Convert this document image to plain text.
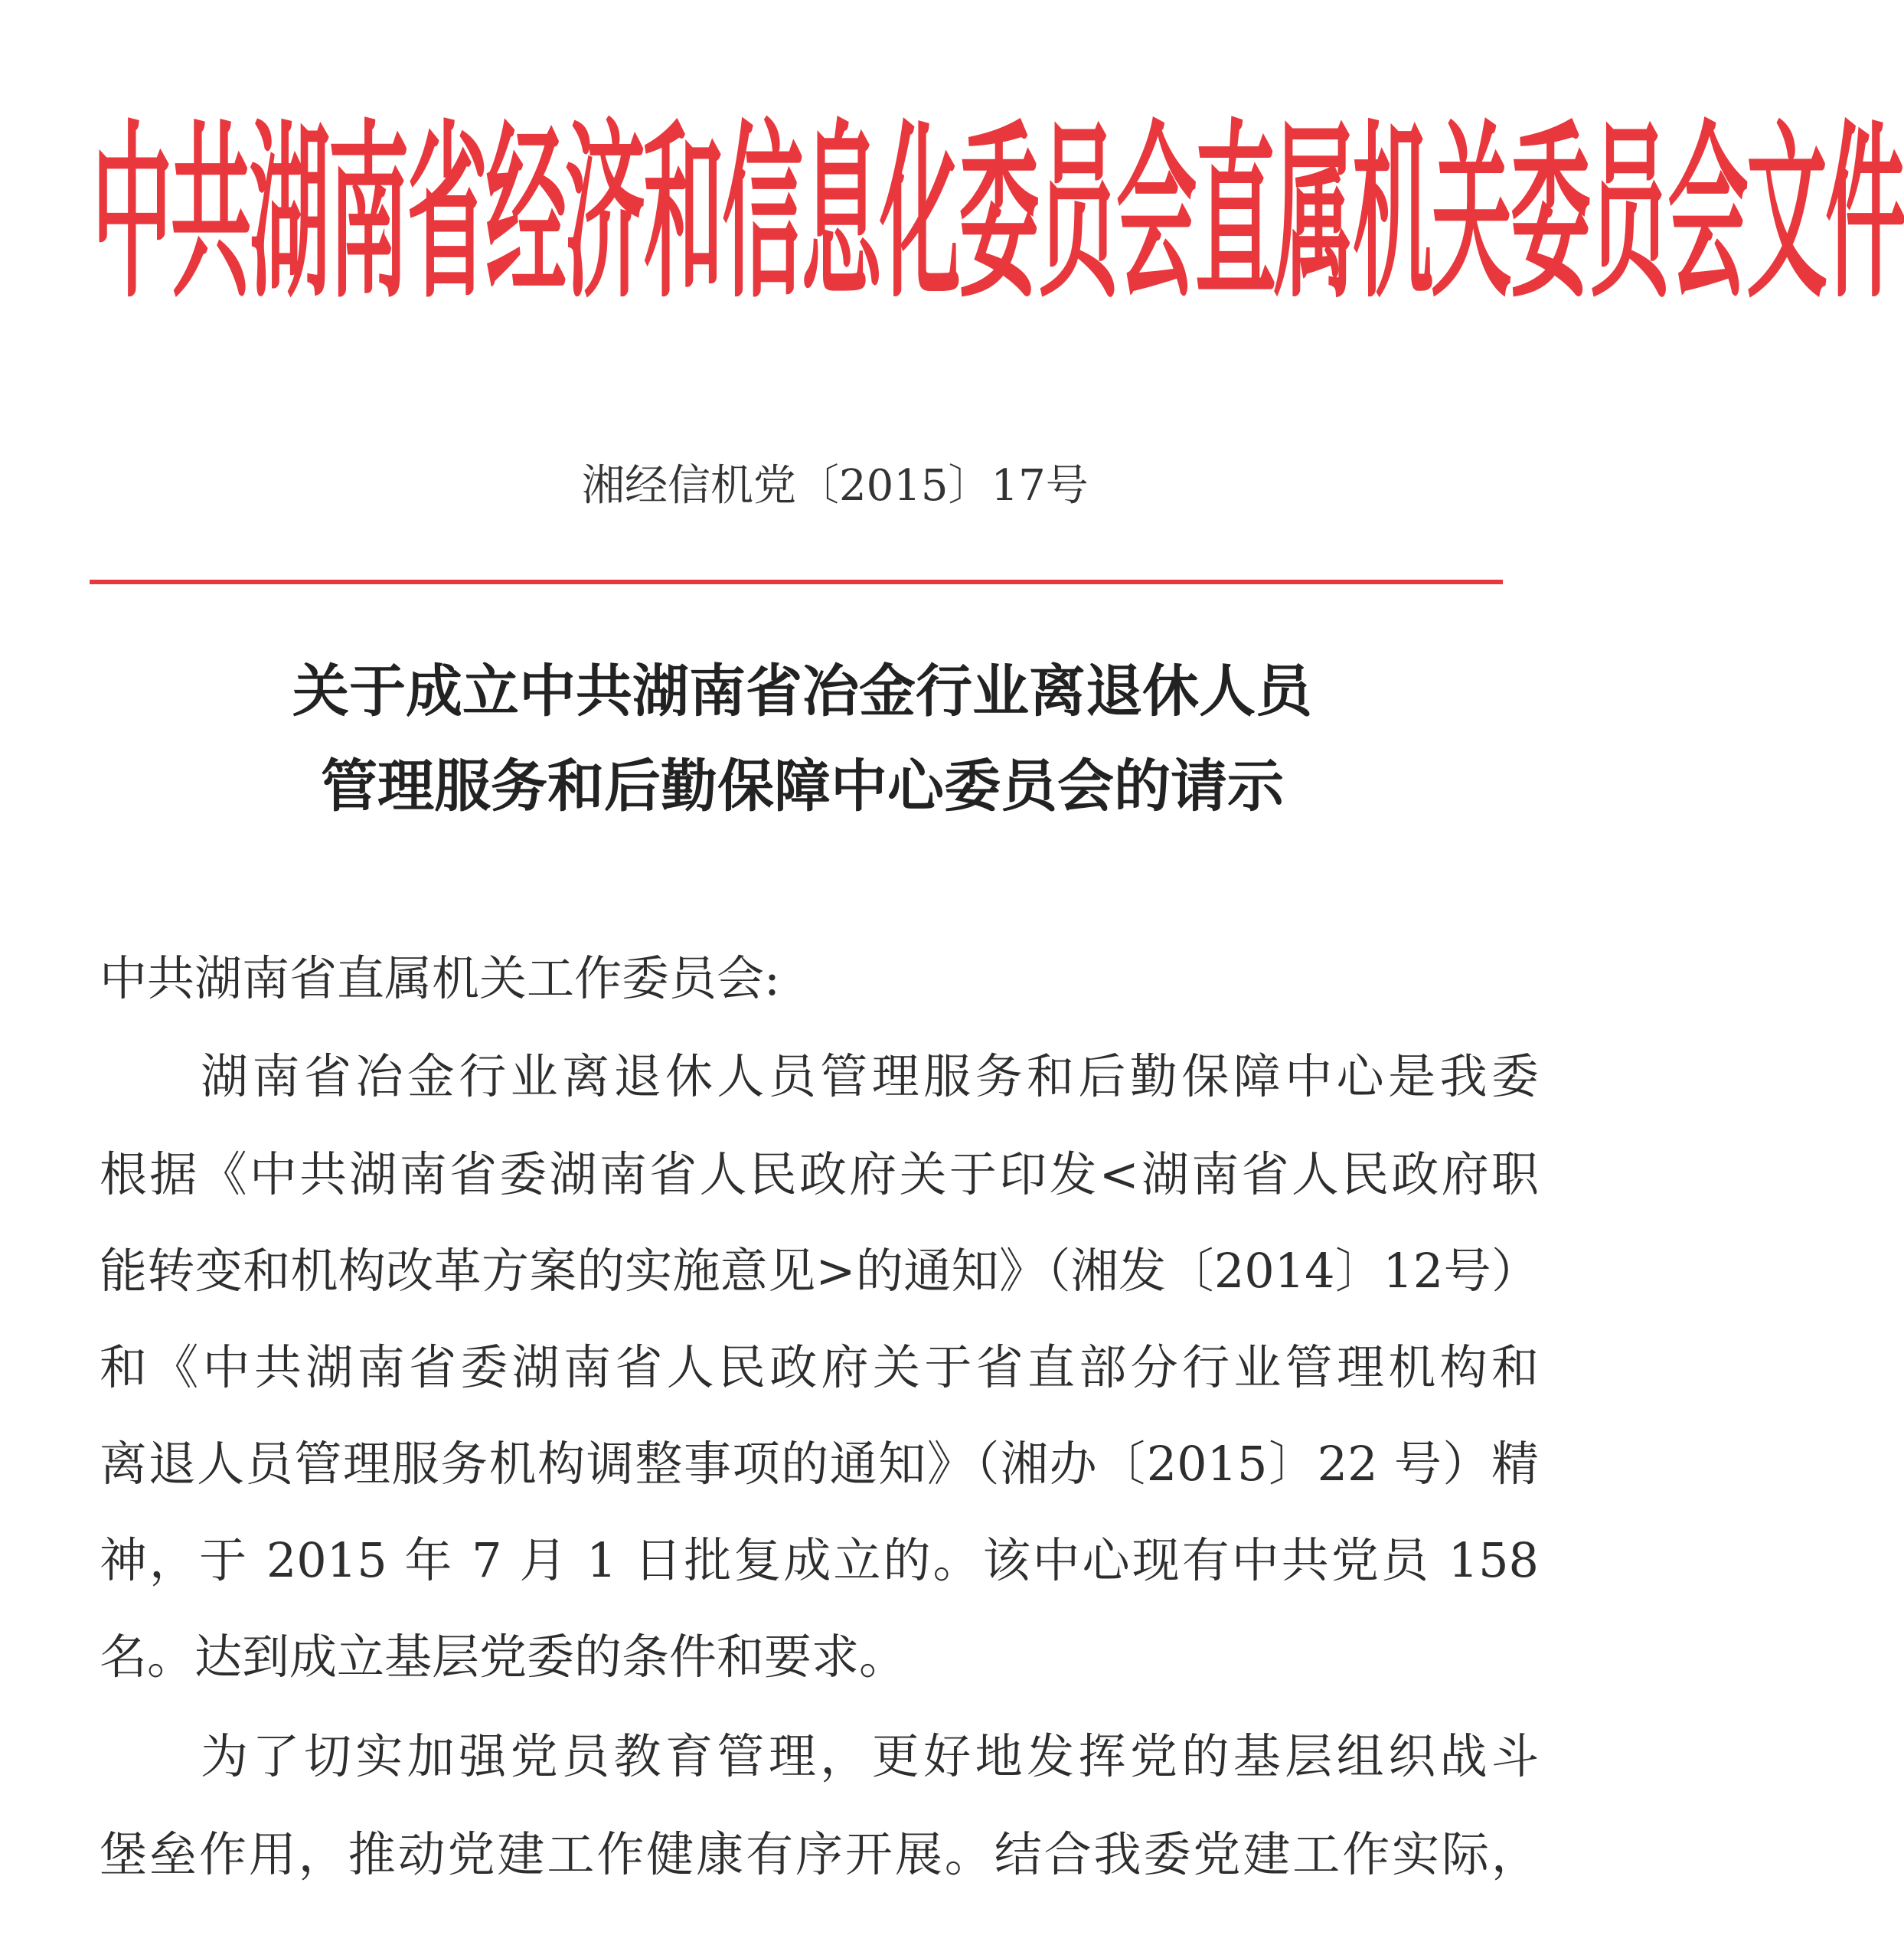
中共湖南省经济和信息化委员会直属机关委员会文件
湘经信机党〔2015〕17号
关于成立中共湖南省冶金行业离退休人员
管理服务和后勤保障中心委员会的请示
中共湖南省直属机关工作委员会:
湖南省冶金行业离退休人员管理服务和后勤保障中心是我委
根据《中共湖南省委湖南省人民政府关于印发<湖南省人民政府职
能转变和机构改革方案的实施意见>的通知》（湘发〔2014〕12号）
和《中共湖南省委湖南省人民政府关于省直部分行业管理机构和
离退人员管理服务机构调整事项的通知》（湘办〔2015〕22 号）精
神，于 2015 年 7 月 1 日批复成立的。该中心现有中共党员 158
名。达到成立基层党委的条件和要求。
为了切实加强党员教育管理，更好地发挥党的基层组织战斗
堡垒作用，推动党建工作健康有序开展。结合我委党建工作实际，
